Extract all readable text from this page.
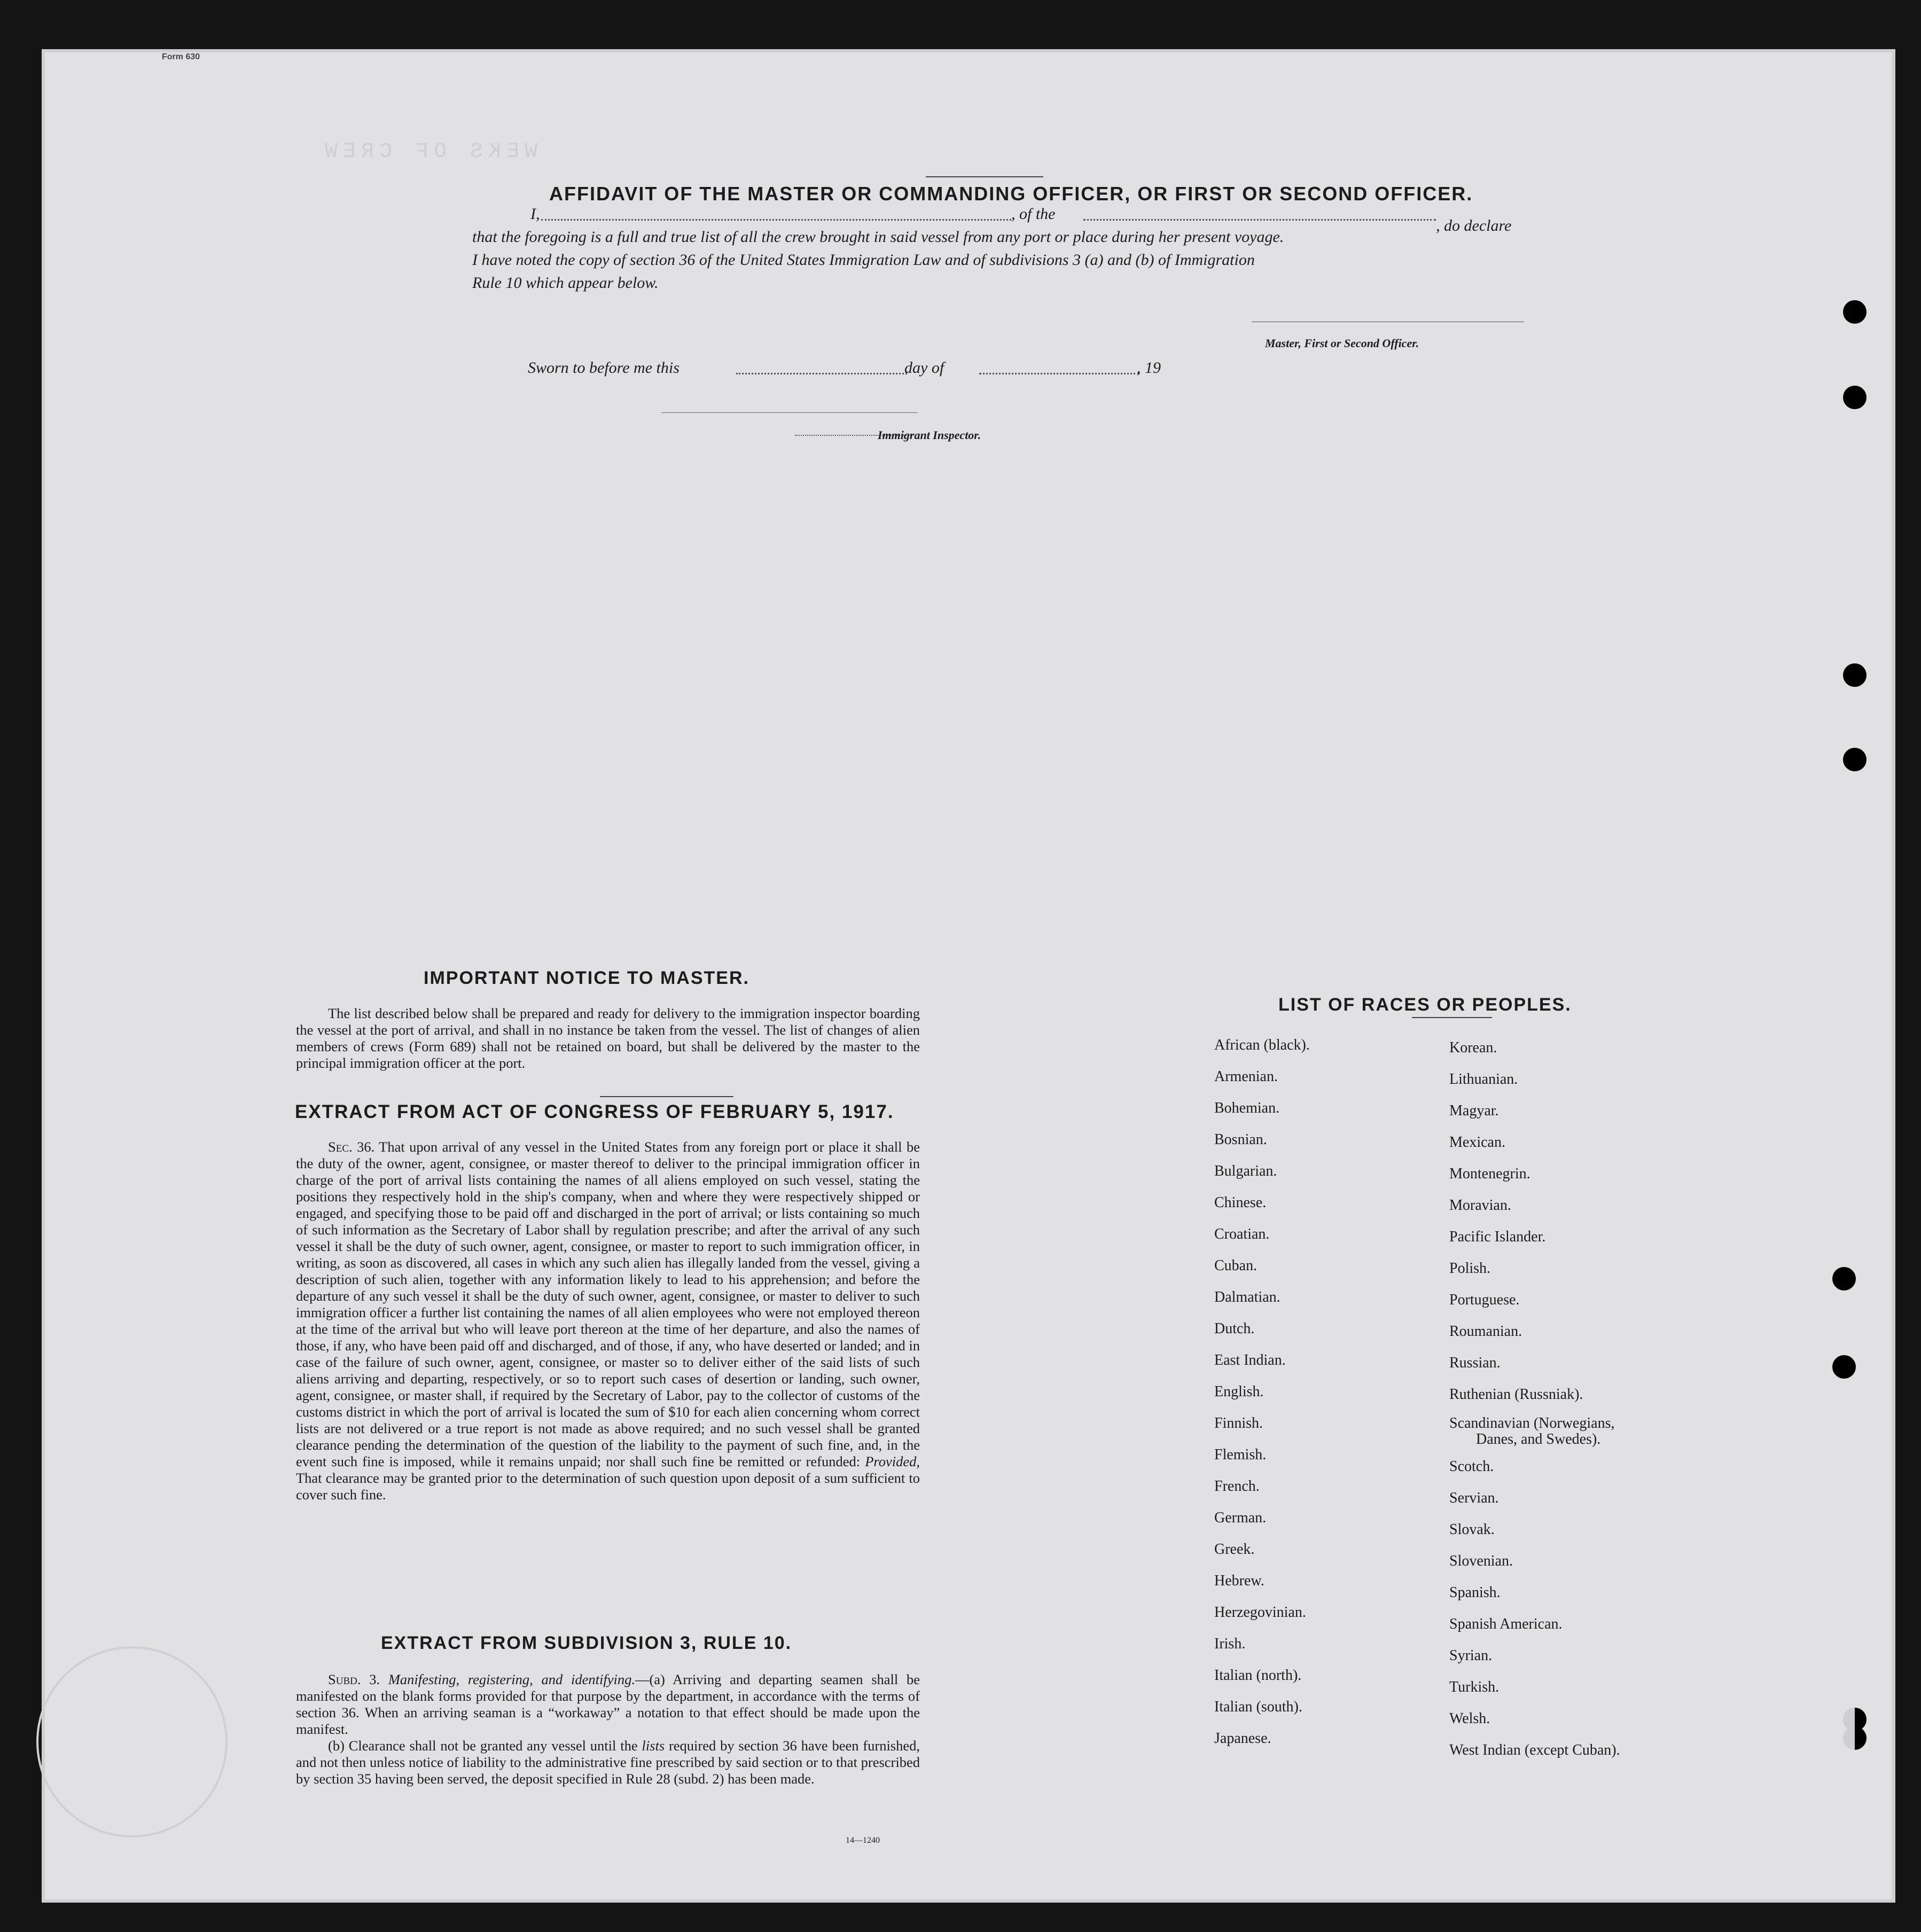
WEKS OF CREW
Form 630
AFFIDAVIT OF THE MASTER OR COMMANDING OFFICER, OR FIRST OR SECOND OFFICER.
I,	, of the
, do declare
that the foregoing is a full and true list of all the crew brought in said vessel from any port or place during her present voyage.
I have noted the copy of section 36 of the United States Immigration Law and of subdivisions 3 (a) and (b) of Immigration
Rule 10 which appear below.
Master, First or Second Officer.
Sworn to before me this	day of	, 19
Immigrant Inspector.
IMPORTANT NOTICE TO MASTER.

The list described below shall be prepared and ready for delivery to the immigration inspector boarding the vessel at the port of arrival, and shall in no instance be taken from the vessel. The list of changes of alien members of crews (Form 689) shall not be retained on board, but shall be delivered by the master to the principal immigration officer at the port.

EXTRACT FROM ACT OF CONGRESS OF FEBRUARY 5, 1917.

Sec. 36. That upon arrival of any vessel in the United States from any foreign port or place it shall be the duty of the owner, agent, consignee, or master thereof to deliver to the principal immigration officer in charge of the port of arrival lists containing the names of all aliens employed on such vessel, stating the positions they respectively hold in the ship's company, when and where they were respectively shipped or engaged, and specifying those to be paid off and discharged in the port of arrival; or lists containing so much of such information as the Secretary of Labor shall by regulation prescribe; and after the arrival of any such vessel it shall be the duty of such owner, agent, consignee, or master to report to such immigration officer, in writing, as soon as discovered, all cases in which any such alien has illegally landed from the vessel, giving a description of such alien, together with any information likely to lead to his apprehension; and before the departure of any such vessel it shall be the duty of such owner, agent, consignee, or master to deliver to such immigration officer a further list containing the names of all alien employees who were not employed thereon at the time of the arrival but who will leave port thereon at the time of her departure, and also the names of those, if any, who have been paid off and discharged, and of those, if any, who have deserted or landed; and in case of the failure of such owner, agent, consignee, or master so to deliver either of the said lists of such aliens arriving and departing, respectively, or so to report such cases of desertion or landing, such owner, agent, consignee, or master shall, if required by the Secretary of Labor, pay to the collector of customs of the customs district in which the port of arrival is located the sum of $10 for each alien concerning whom correct lists are not delivered or a true report is not made as above required; and no such vessel shall be granted clearance pending the determination of the question of the liability to the payment of such fine, and, in the event such fine is imposed, while it remains unpaid; nor shall such fine be remitted or refunded: Provided, That clearance may be granted prior to the determination of such question upon deposit of a sum sufficient to cover such fine.

EXTRACT FROM SUBDIVISION 3, RULE 10.

Subd. 3. Manifesting, registering, and identifying.—(a) Arriving and departing seamen shall be manifested on the blank forms provided for that purpose by the department, in accordance with the terms of section 36. When an arriving seaman is a “workaway” a notation to that effect should be made upon the manifest.

(b) Clearance shall not be granted any vessel until the lists required by section 36 have been furnished, and not then unless notice of liability to the administrative fine prescribed by said section or to that prescribed by section 35 having been served, the deposit specified in Rule 28 (subd. 2) has been made.

14—1240
LIST OF RACES OR PEOPLES.
African (black).
Armenian.
Bohemian.
Bosnian.
Bulgarian.
Chinese.
Croatian.
Cuban.
Dalmatian.
Dutch.
East Indian.
English.
Finnish.
Flemish.
French.
German.
Greek.
Hebrew.
Herzegovinian.
Irish.
Italian (north).
Italian (south).
Japanese.
Korean.
Lithuanian.
Magyar.
Mexican.
Montenegrin.
Moravian.
Pacific Islander.
Polish.
Portuguese.
Roumanian.
Russian.
Ruthenian (Russniak).
Scandinavian (Norwegians,
Danes, and Swedes).
Scotch.
Servian.
Slovak.
Slovenian.
Spanish.
Spanish American.
Syrian.
Turkish.
Welsh.
West Indian (except Cuban).
